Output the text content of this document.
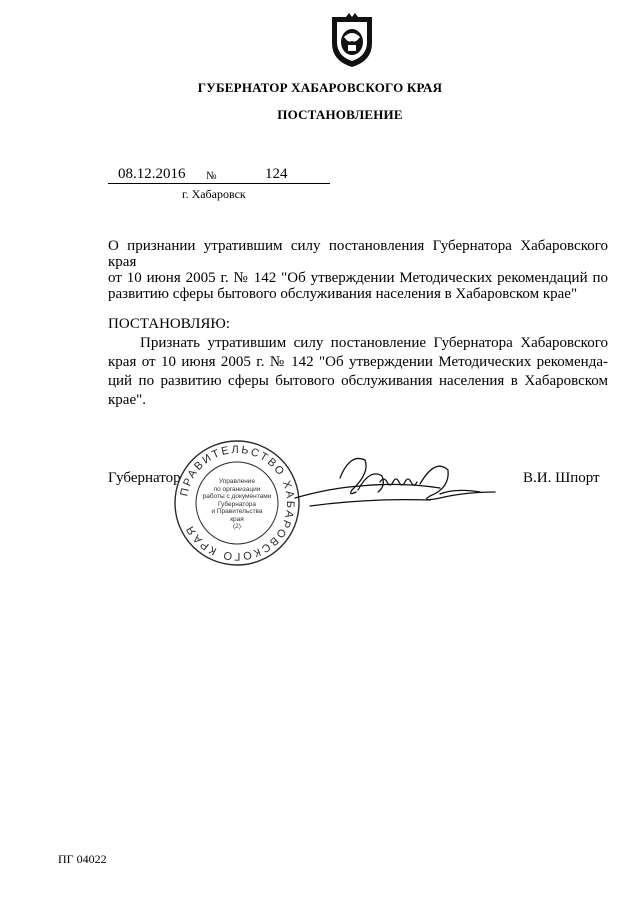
ГУБЕРНАТОР ХАБАРОВСКОГО КРАЯ
ПОСТАНОВЛЕНИЕ
08.12.2016 №	124
г. Хабаровск

О признании утратившим силу постановления Губернатора Хабаровского края

от 10 июня 2005 г. № 142 "Об утверждении Методических рекомендаций по

развитию сферы бытового обслуживания населения в Хабаровском крае"

ПОСТАНОВЛЯЮ:

Признать утратившим силу постановление Губернатора Хабаровского

края от 10 июня 2005 г. № 142 "Об утверждении Методических рекоменда-

ций по развитию сферы бытового обслуживания населения в Хабаровском

крае".

Губернатор	В.И. Шпорт
ПРАВИТЕЛЬСТВО ХАБАРОВСКОГО КРАЯ
Управление
по организации
работы с документами
Губернатора
и Правительства
края
(2)
ПГ 04022
